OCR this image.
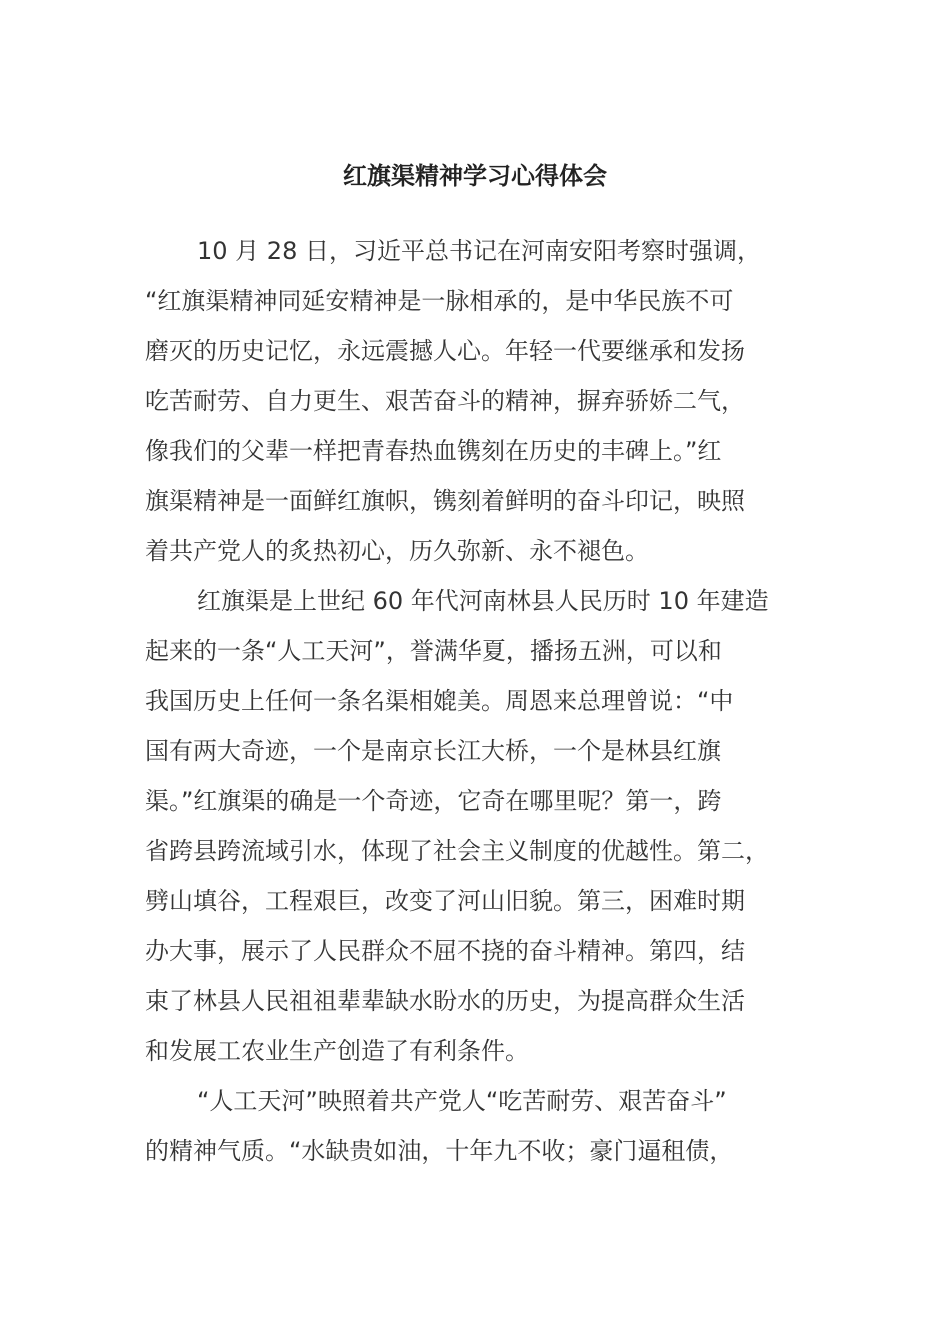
红旗渠精神学习心得体会
10 月 28 日，习近平总书记在河南安阳考察时强调，
“红旗渠精神同延安精神是一脉相承的，是中华民族不可
磨灭的历史记忆，永远震撼人心。年轻一代要继承和发扬
吃苦耐劳、自力更生、艰苦奋斗的精神，摒弃骄娇二气，
像我们的父辈一样把青春热血镌刻在历史的丰碑上。”红
旗渠精神是一面鲜红旗帜，镌刻着鲜明的奋斗印记，映照
着共产党人的炙热初心，历久弥新、永不褪色。
红旗渠是上世纪 60 年代河南林县人民历时 10 年建造
起来的一条“人工天河”，誉满华夏，播扬五洲，可以和
我国历史上任何一条名渠相媲美。周恩来总理曾说：“中
国有两大奇迹，一个是南京长江大桥，一个是林县红旗
渠。”红旗渠的确是一个奇迹，它奇在哪里呢？第一，跨
省跨县跨流域引水，体现了社会主义制度的优越性。第二，
劈山填谷，工程艰巨，改变了河山旧貌。第三，困难时期
办大事，展示了人民群众不屈不挠的奋斗精神。第四，结
束了林县人民祖祖辈辈缺水盼水的历史，为提高群众生活
和发展工农业生产创造了有利条件。
“人工天河”映照着共产党人“吃苦耐劳、艰苦奋斗”
的精神气质。“水缺贵如油，十年九不收；豪门逼租债，
